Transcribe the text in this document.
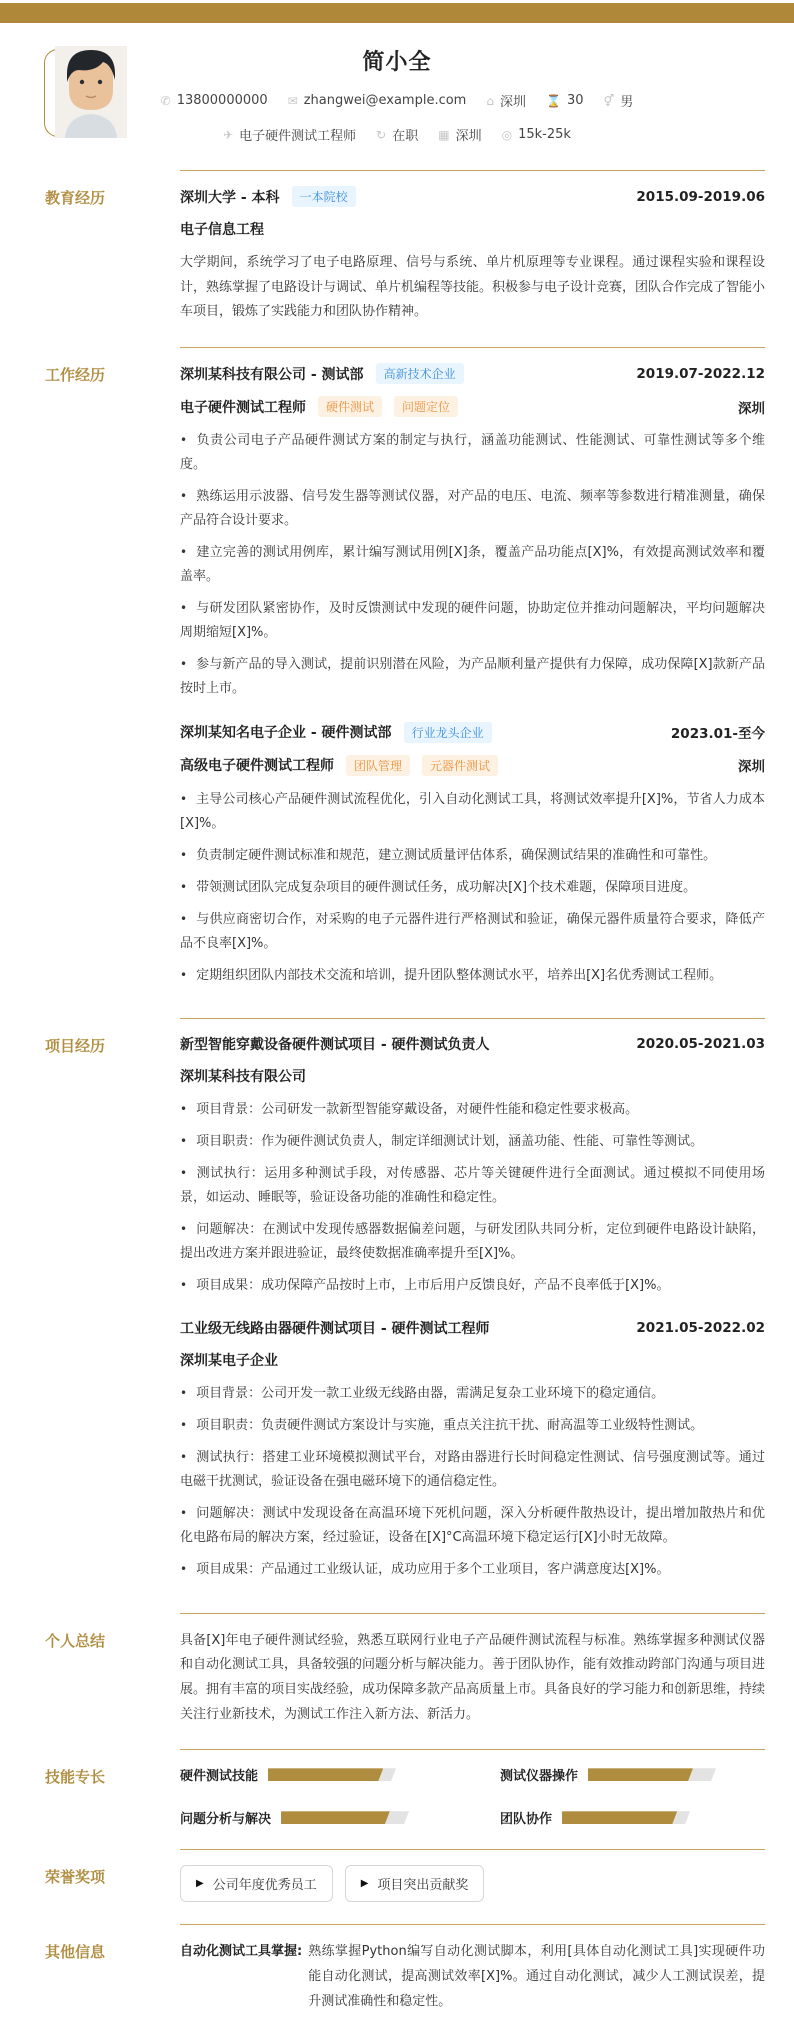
简小全
✆ 13800000000 ✉ zhangwei@example.com ⌂ 深圳 ⌛ 30 ⚥ 男
✈ 电子硬件测试工程师 ↻ 在职 ▦ 深圳 ◎ 15k-25k
教育经历	深圳大学 - 本科	一本院校	2015.09-2019.06
电子信息工程

大学期间，系统学习了电子电路原理、信号与系统、单片机原理等专业课程。通过课程实验和课程设计，熟练掌握了电路设计与调试、单片机编程等技能。积极参与电子设计竞赛，团队合作完成了智能小车项目，锻炼了实践能力和团队协作精神。

工作经历	深圳某科技有限公司 - 测试部	高新技术企业	2019.07-2022.12
电子硬件测试工程师	硬件测试	问题定位	深圳
• 负责公司电子产品硬件测试方案的制定与执行，涵盖功能测试、性能测试、可靠性测试等多个维度。
• 熟练运用示波器、信号发生器等测试仪器，对产品的电压、电流、频率等参数进行精准测量，确保产品符合设计要求。
• 建立完善的测试用例库，累计编写测试用例[X]条，覆盖产品功能点[X]%，有效提高测试效率和覆盖率。
• 与研发团队紧密协作，及时反馈测试中发现的硬件问题，协助定位并推动问题解决，平均问题解决周期缩短[X]%。
• 参与新产品的导入测试，提前识别潜在风险，为产品顺利量产提供有力保障，成功保障[X]款新产品按时上市。
深圳某知名电子企业 - 硬件测试部	行业龙头企业	2023.01-至今
高级电子硬件测试工程师	团队管理	元器件测试	深圳
• 主导公司核心产品硬件测试流程优化，引入自动化测试工具，将测试效率提升[X]%，节省人力成本[X]%。
• 负责制定硬件测试标准和规范，建立测试质量评估体系，确保测试结果的准确性和可靠性。
• 带领测试团队完成复杂项目的硬件测试任务，成功解决[X]个技术难题，保障项目进度。
• 与供应商密切合作，对采购的电子元器件进行严格测试和验证，确保元器件质量符合要求，降低产品不良率[X]%。
• 定期组织团队内部技术交流和培训，提升团队整体测试水平，培养出[X]名优秀测试工程师。
项目经历	新型智能穿戴设备硬件测试项目 - 硬件测试负责人	2020.05-2021.03
深圳某科技有限公司
• 项目背景：公司研发一款新型智能穿戴设备，对硬件性能和稳定性要求极高。
• 项目职责：作为硬件测试负责人，制定详细测试计划，涵盖功能、性能、可靠性等测试。
• 测试执行：运用多种测试手段，对传感器、芯片等关键硬件进行全面测试。通过模拟不同使用场景，如运动、睡眠等，验证设备功能的准确性和稳定性。
• 问题解决：在测试中发现传感器数据偏差问题，与研发团队共同分析，定位到硬件电路设计缺陷，提出改进方案并跟进验证，最终使数据准确率提升至[X]%。
• 项目成果：成功保障产品按时上市，上市后用户反馈良好，产品不良率低于[X]%。
工业级无线路由器硬件测试项目 - 硬件测试工程师	2021.05-2022.02
深圳某电子企业
• 项目背景：公司开发一款工业级无线路由器，需满足复杂工业环境下的稳定通信。
• 项目职责：负责硬件测试方案设计与实施，重点关注抗干扰、耐高温等工业级特性测试。
• 测试执行：搭建工业环境模拟测试平台，对路由器进行长时间稳定性测试、信号强度测试等。通过电磁干扰测试，验证设备在强电磁环境下的通信稳定性。
• 问题解决：测试中发现设备在高温环境下死机问题，深入分析硬件散热设计，提出增加散热片和优化电路布局的解决方案，经过验证，设备在[X]°C高温环境下稳定运行[X]小时无故障。
• 项目成果：产品通过工业级认证，成功应用于多个工业项目，客户满意度达[X]%。
个人总结	具备[X]年电子硬件测试经验，熟悉互联网行业电子产品硬件测试流程与标准。熟练掌握多种测试仪器和自动化测试工具，具备较强的问题分析与解决能力。善于团队协作，能有效推动跨部门沟通与项目进展。拥有丰富的项目实战经验，成功保障多款产品高质量上市。具备良好的学习能力和创新思维，持续关注行业新技术，为测试工作注入新方法、新活力。

技能专长	硬件测试技能	测试仪器操作
问题分析与解决	团队协作
荣誉奖项	▶ 公司年度优秀员工	▶ 项目突出贡献奖
其他信息	自动化测试工具掌握: 熟练掌握Python编写自动化测试脚本，利用[具体自动化测试工具]实现硬件功能自动化测试，提高测试效率[X]%。通过自动化测试，减少人工测试误差，提升测试准确性和稳定性。
